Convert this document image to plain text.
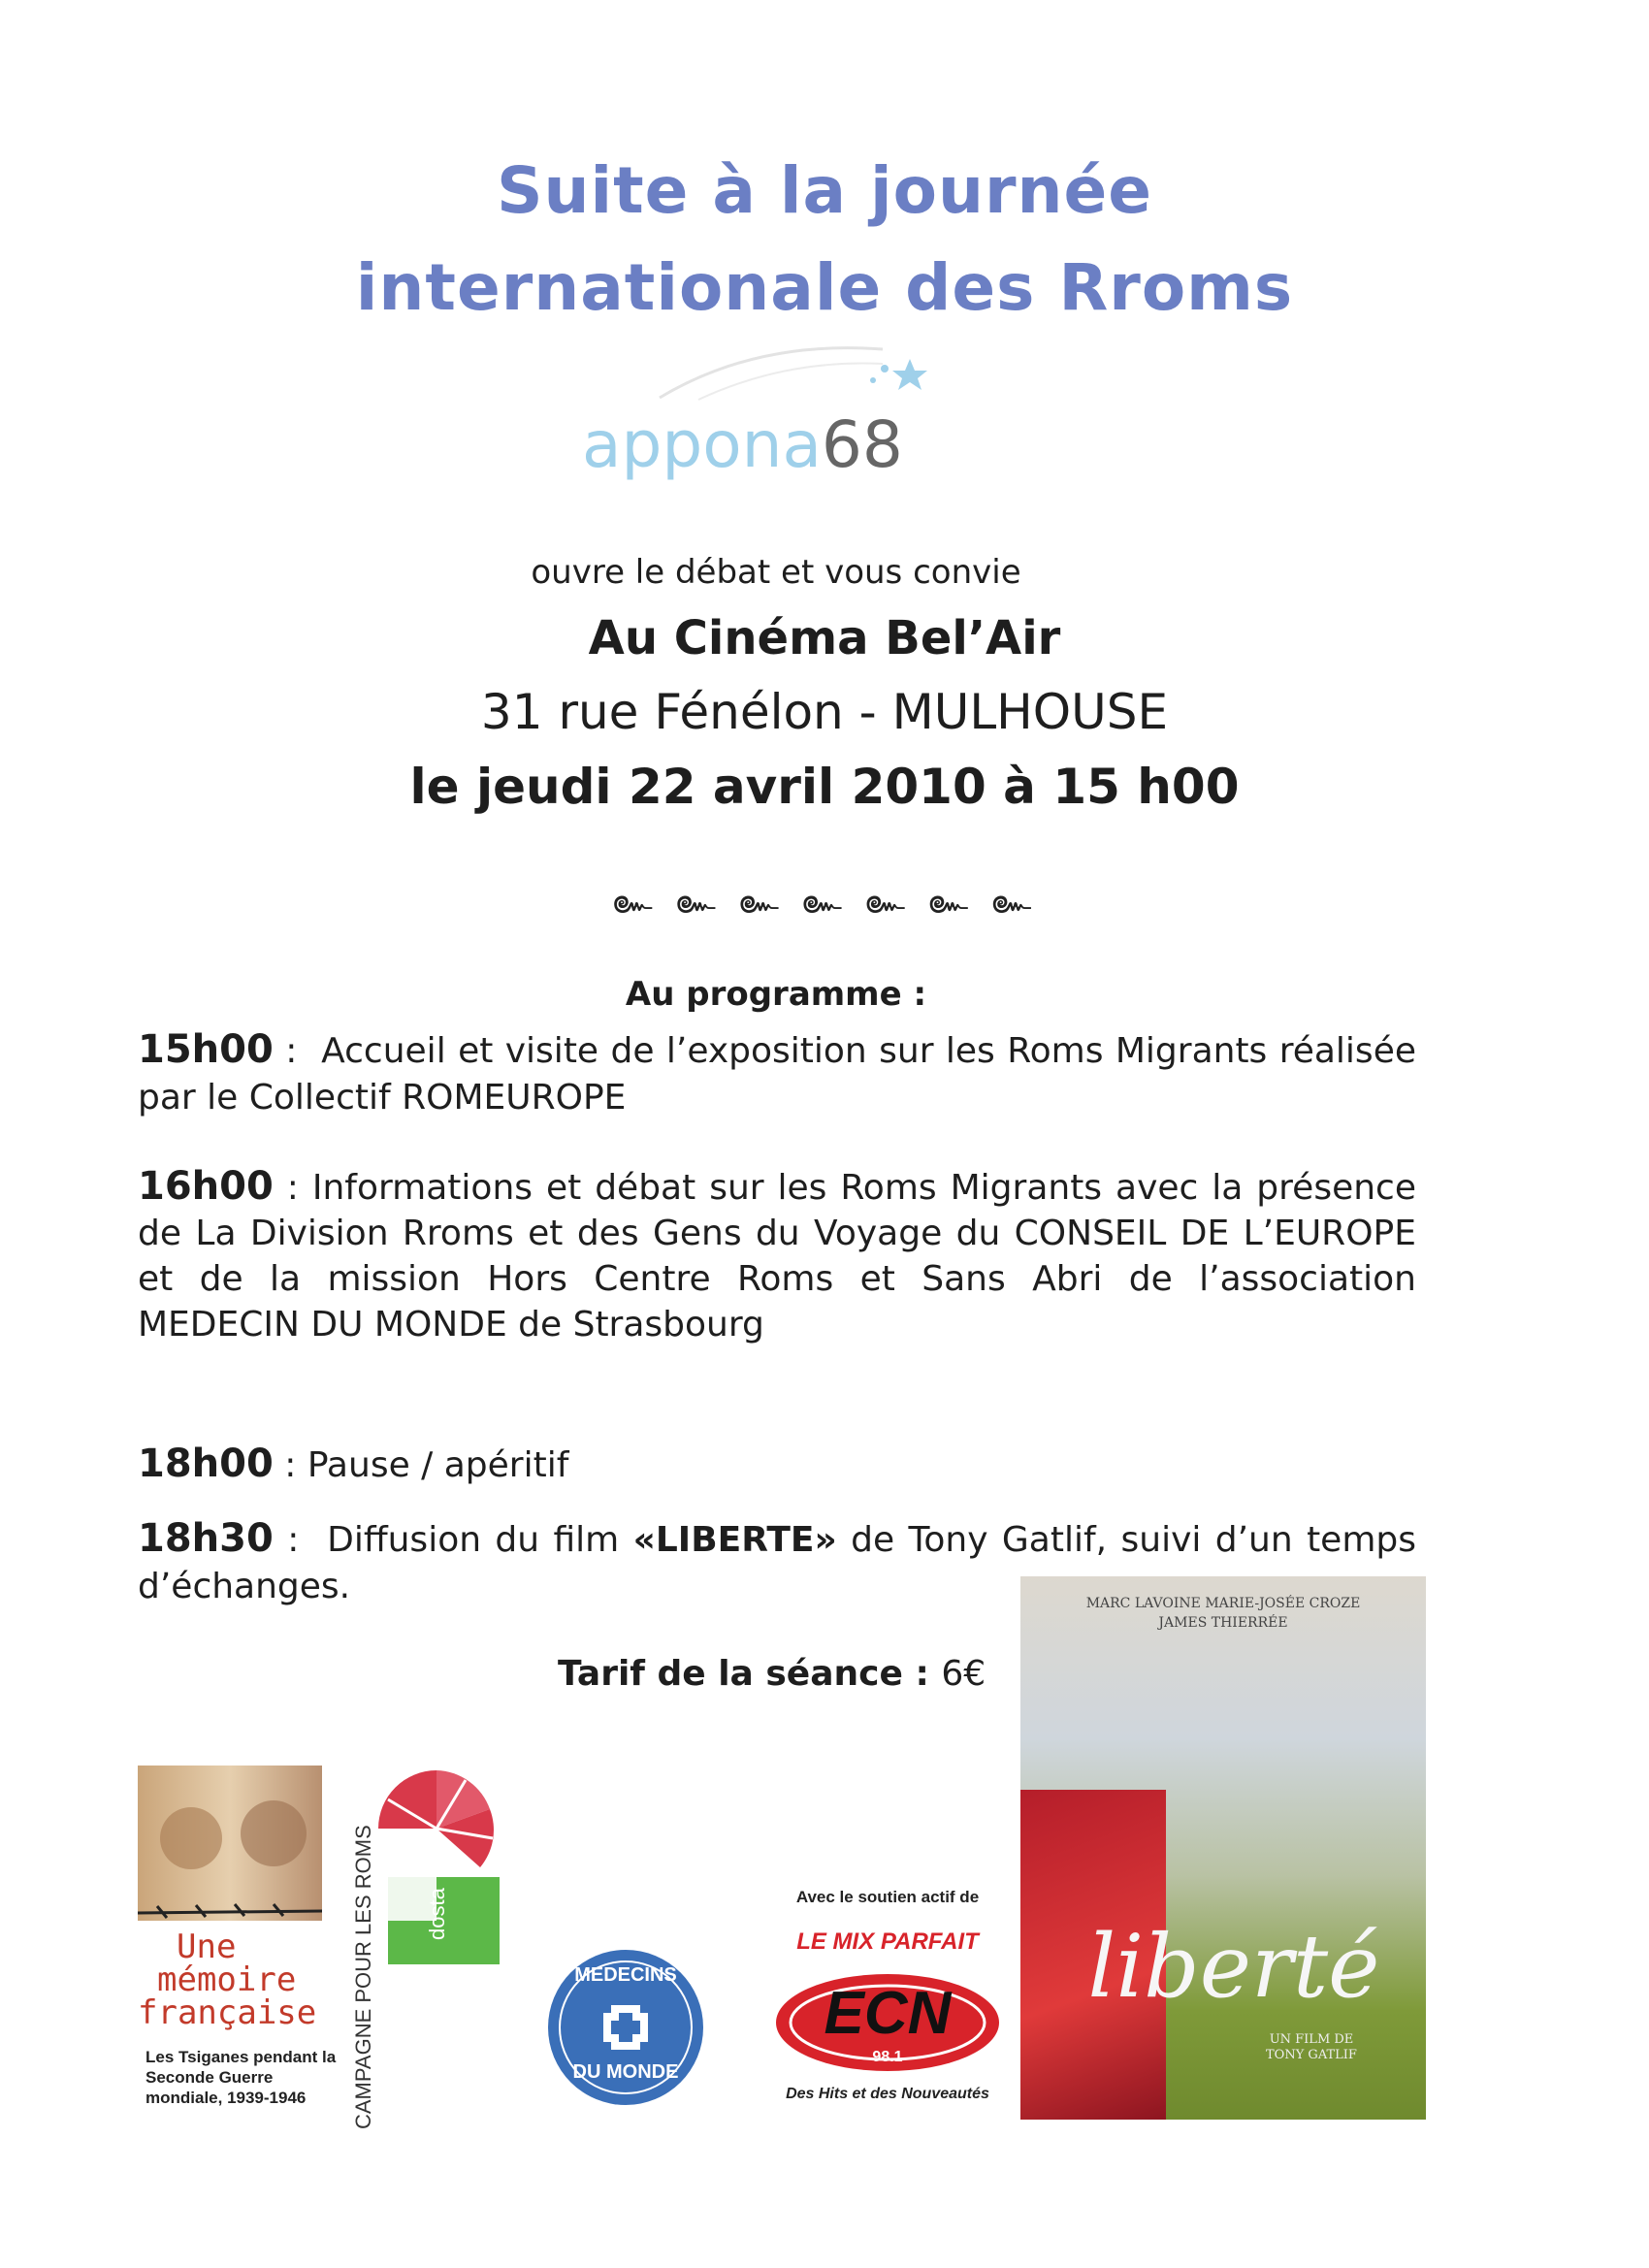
Suite à la journée
internationale des Rroms
appona68
ouvre le débat et vous convie
Au Cinéma Bel’Air
31 rue Fénélon - MULHOUSE
le jeudi 22 avril 2010 à 15 h00
๛ ๛ ๛ ๛ ๛ ๛ ๛
Au programme :
15h00 : Accueil et visite de l’exposition sur les Roms Migrants réalisée par le Collectif ROMEUROPE
16h00 : Informations et débat sur les Roms Migrants avec la présence de La Division Rroms et des Gens du Voyage du CONSEIL DE L’EUROPE et de la mission Hors Centre Roms et Sans Abri de l’association MEDECIN DU MONDE de Strasbourg
18h00 : Pause / apéritif
18h30 : Diffusion du film «LIBERTE» de Tony Gatlif, suivi d’un temps d’échanges.
Tarif de la séance : 6€
MARC LAVOINE MARIE-JOSÉE CROZE
JAMES THIERRÉE
liberté
UN FILM DE
TONY GATLIF
Une
mémoire
française
Les Tsiganes pendant la Seconde Guerre mondiale, 1939-1946
dosta
CAMPAGNE POUR LES ROMS	MEDECINS
DU MONDE
Avec le soutien actif de
LE MIX PARFAIT
ECN
98.1
Des Hits et des Nouveautés
